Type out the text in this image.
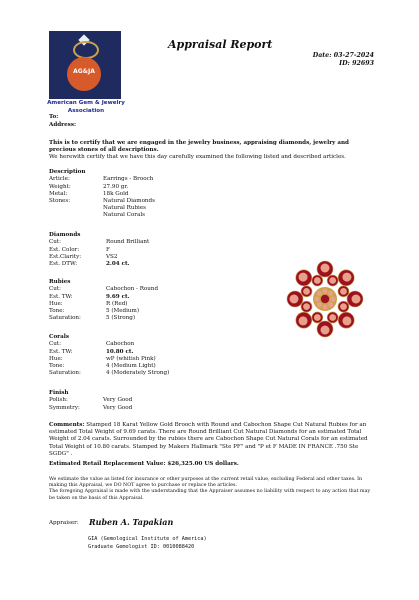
AG&JA
American Gem & Jewelry
Association
Appraisal Report
Date: 03-27-2024
ID: 92693
To:
Address:
This is to certify that we are engaged in the jewelry business, appraising diamonds, jewelry and precious stones of all descriptions.
We herewith certify that we have this day carefully examined the following listed and described articles.
Description
Article:	Earrings - Brooch
Weight:	27.90 gr.
Metal:	18k Gold
Stones:	Natural Diamonds
Natural Rubies
Natural Corals
Diamonds
Cut:	Round Brilliant
Est. Color:	F
Est.Clarity:	VS2
Est. DTW:	2.04 ct.
Rubies
Cut:	Cabochon - Round
Est. TW:	9.69 ct.
Hue:	R (Red)
Tone:	5 (Medium)
Saturation:	5 (Strong)
Corals
Cut:	Cabochon
Est. TW:	10.80 ct.
Hue:	wP (whitish Pink)
Tone:	4 (Medium Light)
Saturation:	4 (Moderately Strong)
Finish
Polish:	Very Good
Symmetry:	Very Good
Comments: Stamped 18 Karat Yellow Gold Brooch with Round and Cabochon Shape Cut Natural Rubies for an estimated Total Weight of 9.69 carats. There are Round Brilliant Cut Natural Diamonds for an estimated Total Weight of 2.04 carats. Surrounded by the rubies there are Cabochon Shape Cut Natural Corals for an estimated Total Weight of 10.80 carats. Stamped by Makers Hallmark "Ste PF" and "P et F MADE IN FRANCE .750 Ste SGDG" .
Estimated Retail Replacement Value: $26,325.00 US dollars.
We estimate the value as listed for insurance or other purposes at the current retail value, excluding Federal and other taxes. In making this Appraisal, we DO NOT agree to purchase or replace the articles.
The foregoing Appraisal is made with the understanding that the Appraiser assumes no liability with respect to any action that may be taken on the basis of this Appraisal.
Appraiser: Ruben A. Tapakian
GIA (Gemological Institute of America)
Graduate Gemologist ID: 0010088420
